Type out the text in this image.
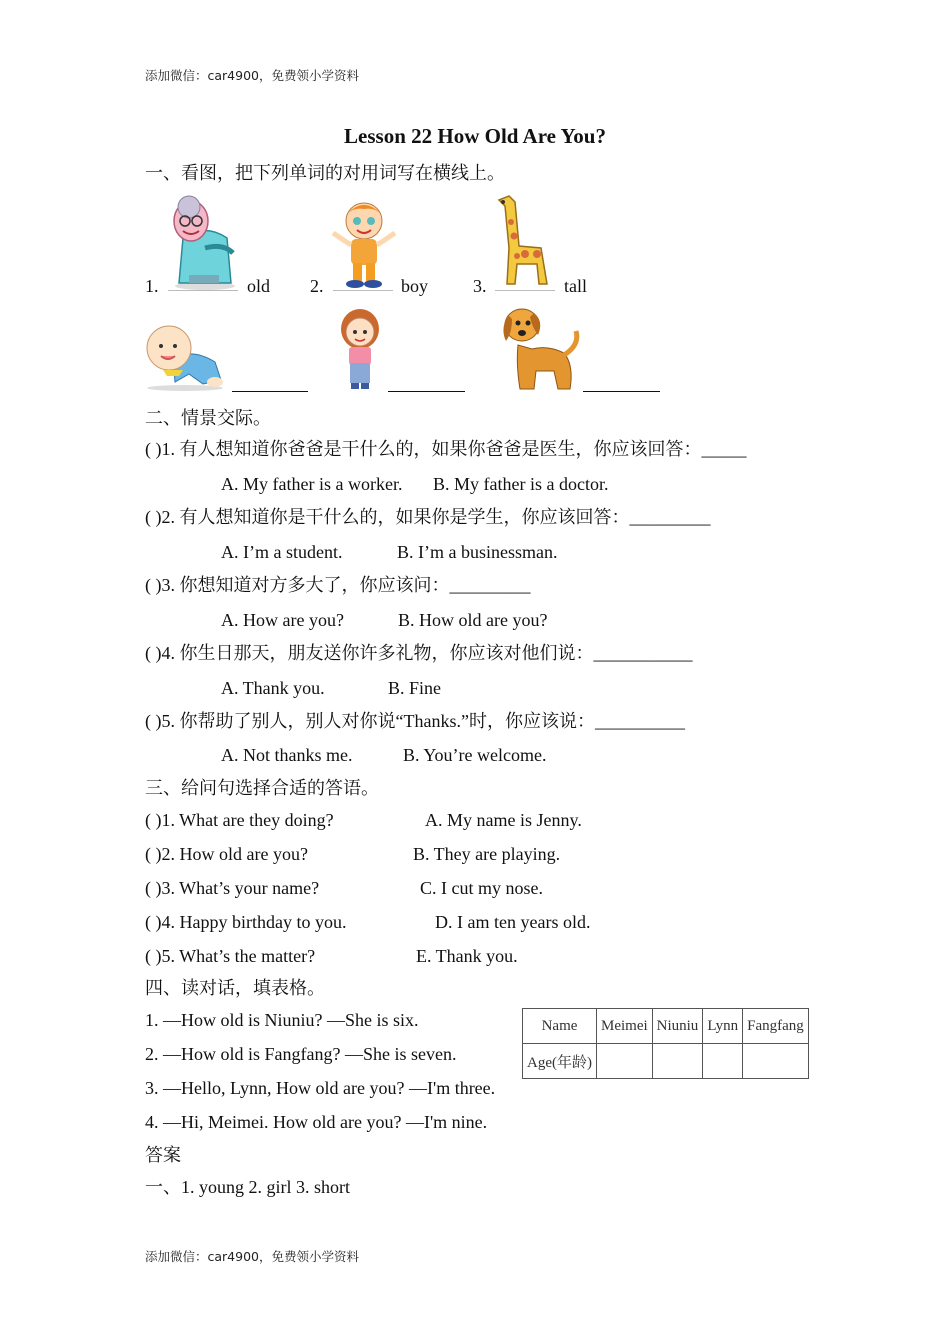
添加微信：car4900，免费领小学资料
Lesson 22 How Old Are You?
一、看图，把下列单词的对用词写在横线上。
1.	old 2.	boy	3.	tall
二、情景交际。
( )1. 有人想知道你爸爸是干什么的，如果你爸爸是医生，你应该回答：_____
A. My father is a worker. B. My father is a doctor.
( )2. 有人想知道你是干什么的，如果你是学生，你应该回答：_________
A. I’m a student.	B. I’m a businessman.
( )3. 你想知道对方多大了，你应该问：_________
A. How are you?	B. How old are you?
( )4. 你生日那天，朋友送你许多礼物，你应该对他们说：___________
A. Thank you.	B. Fine
( )5. 你帮助了别人，别人对你说“Thanks.”时，你应该说：__________
A. Not thanks me.	B. You’re welcome.
三、给问句选择合适的答语。
( )1. What are they doing?	A. My name is Jenny.
( )2. How old are you?	B. They are playing.
( )3. What’s your name?	C. I cut my nose.
( )4. Happy birthday to you.	D. I am ten years old.
( )5. What’s the matter?	E. Thank you.
四、读对话，填表格。
1. —How old is Niuniu? —She is six.
2. —How old is Fangfang? —She is seven.
3. —Hello, Lynn, How old are you? —I'm three.
4. —Hi, Meimei. How old are you? —I'm nine.
Name	Meimei	Niuniu	Lynn	Fangfang
Age(年龄)				
答案
一、1. young 2. girl 3. short
添加微信：car4900，免费领小学资料
